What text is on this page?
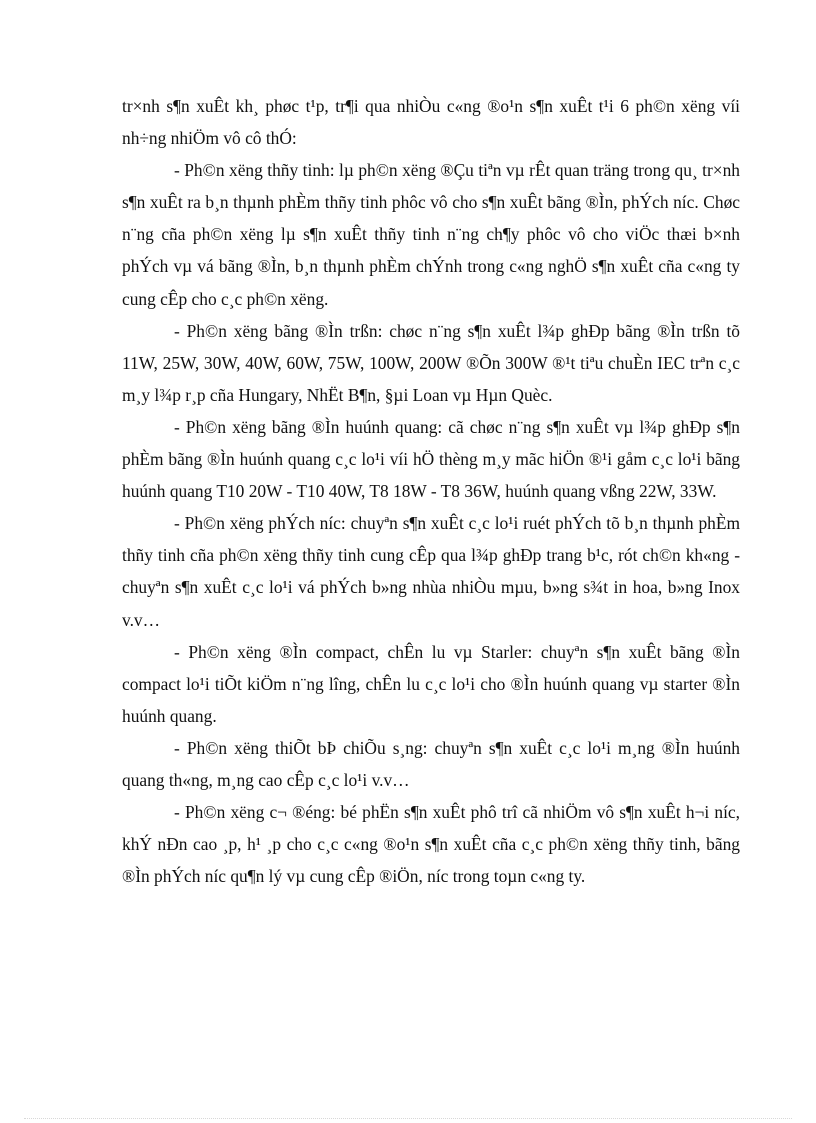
tr×nh s¶n xuÊt kh¸ phøc t¹p, tr¶i qua nhiÒu c«ng ®o¹n s¶n xuÊt t¹i 6 ph©n xëng víi nh÷ng nhiÖm vô cô thÓ:

- Ph©n xëng thñy tinh: lµ ph©n xëng ®Çu tiªn vµ rÊt quan träng trong qu¸ tr×nh s¶n xuÊt ra b¸n thµnh phÈm thñy tinh phôc vô cho s¶n xuÊt bãng ®Ìn, phÝch níc. Chøc n¨ng cña ph©n xëng lµ s¶n xuÊt thñy tinh n¨ng ch¶y phôc vô cho viÖc thæi b×nh phÝch vµ vá bãng ®Ìn, b¸n thµnh phÈm chÝnh trong c«ng nghÖ s¶n xuÊt cña c«ng ty cung cÊp cho c¸c ph©n xëng.

- Ph©n xëng bãng ®Ìn trßn: chøc n¨ng s¶n xuÊt l¾p ghÐp bãng ®Ìn trßn tõ 11W, 25W, 30W, 40W, 60W, 75W, 100W, 200W ®Õn 300W ®¹t tiªu chuÈn IEC trªn c¸c m¸y l¾p r¸p cña Hungary, NhËt B¶n, §µi Loan vµ Hµn Quèc.

- Ph©n xëng bãng ®Ìn huúnh quang: cã chøc n¨ng s¶n xuÊt vµ l¾p ghÐp s¶n phÈm bãng ®Ìn huúnh quang c¸c lo¹i víi hÖ thèng m¸y mãc hiÖn ®¹i gåm c¸c lo¹i bãng huúnh quang T10 20W - T10 40W, T8 18W - T8 36W, huúnh quang vßng 22W, 33W.

- Ph©n xëng phÝch níc: chuyªn s¶n xuÊt c¸c lo¹i ruét phÝch tõ b¸n thµnh phÈm thñy tinh cña ph©n xëng thñy tinh cung cÊp qua l¾p ghÐp trang b¹c, rót ch©n kh«ng - chuyªn s¶n xuÊt c¸c lo¹i vá phÝch b»ng nhùa nhiÒu mµu, b»ng s¾t in hoa, b»ng Inox v.v…

- Ph©n xëng ®Ìn compact, chÊn lu vµ Starler: chuyªn s¶n xuÊt bãng ®Ìn compact lo¹i tiÕt kiÖm n¨ng lîng, chÊn lu c¸c lo¹i cho ®Ìn huúnh quang vµ starter ®Ìn huúnh quang.

- Ph©n xëng thiÕt bÞ chiÕu s¸ng: chuyªn s¶n xuÊt c¸c lo¹i m¸ng ®Ìn huúnh quang th«ng, m¸ng cao cÊp c¸c lo¹i v.v…

- Ph©n xëng c¬ ®éng: bé phËn s¶n xuÊt phô trî cã nhiÖm vô s¶n xuÊt h¬i níc, khÝ nÐn cao ¸p, h¹ ¸p cho c¸c c«ng ®o¹n s¶n xuÊt cña c¸c ph©n xëng thñy tinh, bãng ®Ìn phÝch níc qu¶n lý vµ cung cÊp ®iÖn, níc trong toµn c«ng ty.
